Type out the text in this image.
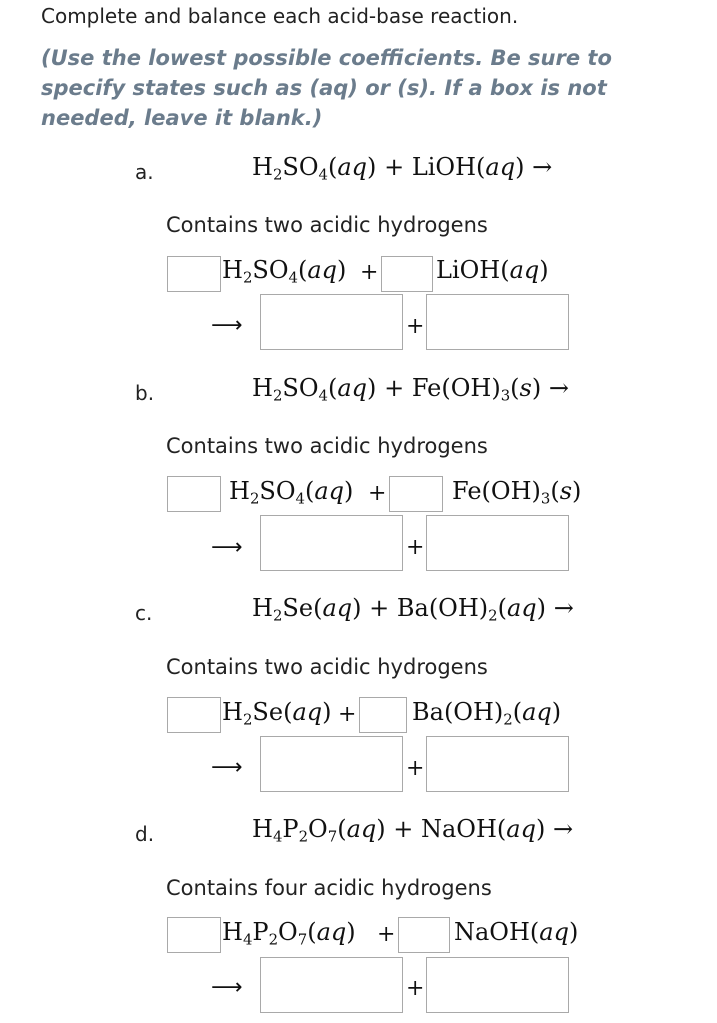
Complete and balance each acid-base reaction.

(Use the lowest possible coefficients. Be sure to specify states such as (aq) or (s). If a box is not needed, leave it blank.)

a.	$H_2SO_4(aq)$ + LiOH(aq) →
Contains two acidic hydrogens
$H_2SO_4(aq)$ + LiOH(aq)
⟶	+
b.	$H_2SO_4(aq) + Fe(OH)_3(s)$ →
Contains two acidic hydrogens
$H_2SO_4(aq)$ +	$Fe(OH)_3(s)$
⟶	+
c.	$H_2Se(aq) + Ba(OH)_2(aq)$ →
Contains two acidic hydrogens
$H_2Se(aq) + Ba(OH)_2(aq)$
⟶	+
d.	$H_4P_2O_7(aq)$ + NaOH(aq) →
Contains four acidic hydrogens
$H_4P_2O_7(aq)$ + NaOH(aq)
⟶	+
